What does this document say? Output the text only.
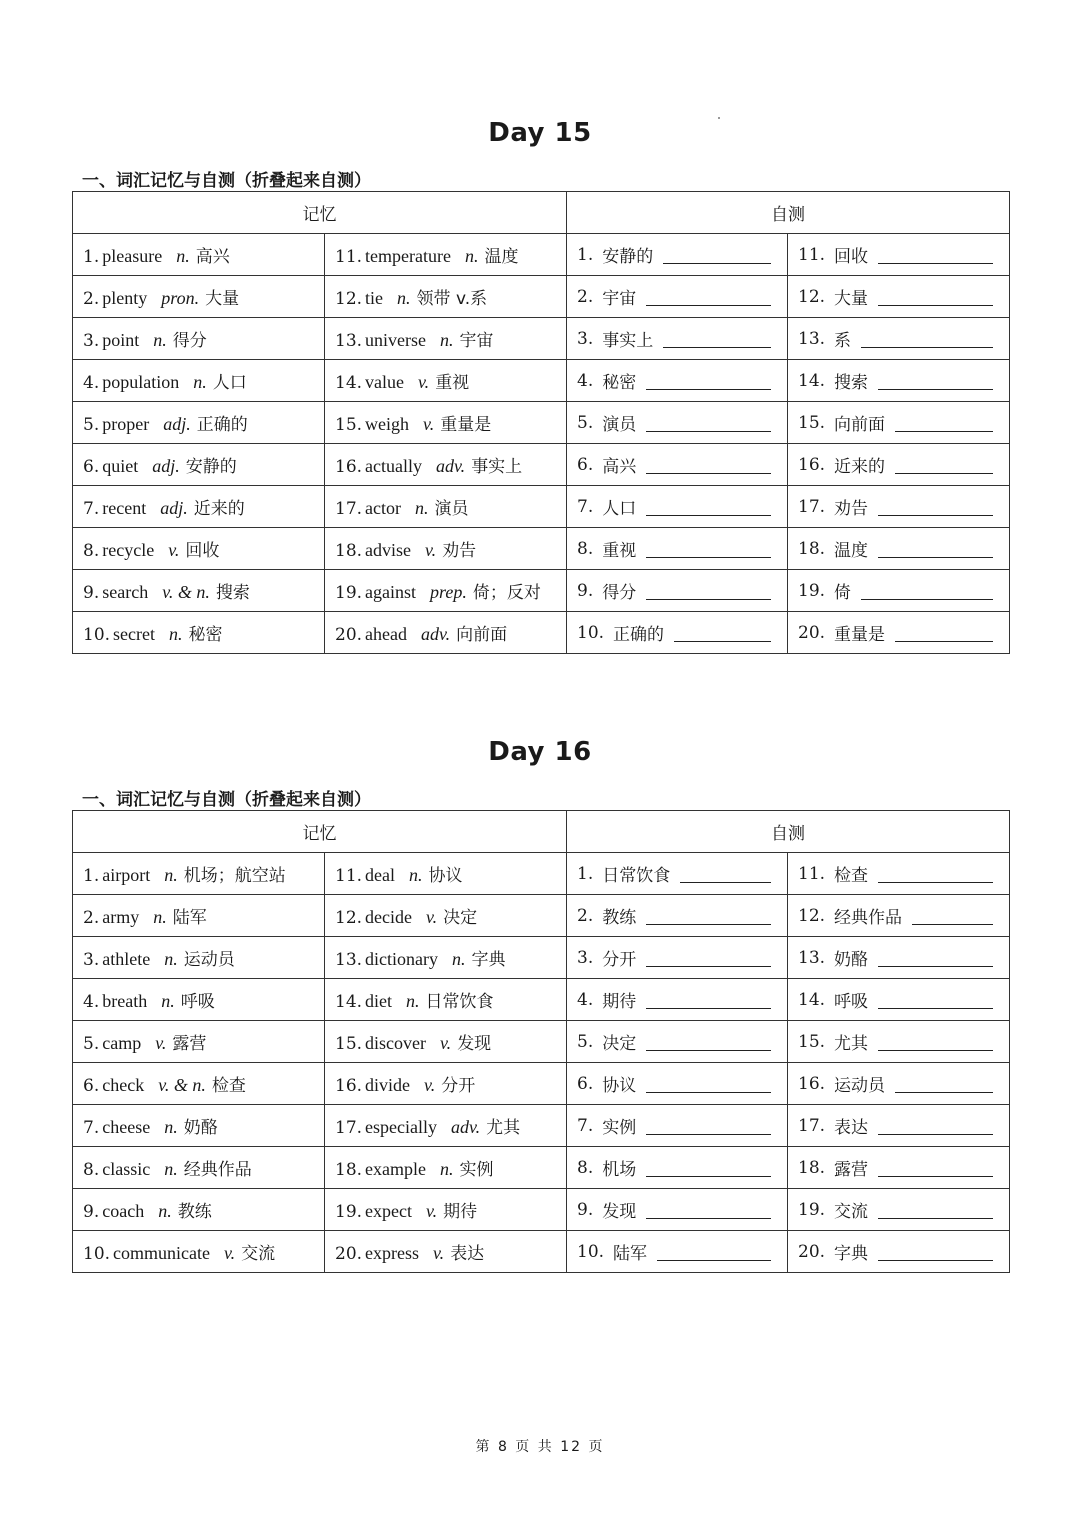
Day 15
一、词汇记忆与自测（折叠起来自测）
记忆		自测	
1. pleasure n. 高兴	11. temperature n. 温度	1. 安静的	11. 回收

2. plenty pron. 大量	12. tie n. 领带 v.系	2. 宇宙	12. 大量

3. point n. 得分	13. universe n. 宇宙	3. 事实上	13. 系

4. population n. 人口	14. value v. 重视	4. 秘密	14. 搜索

5. proper adj. 正确的	15. weigh v. 重量是	5. 演员	15. 向前面

6. quiet adj. 安静的	16. actually adv. 事实上	6. 高兴	16. 近来的

7. recent adj. 近来的	17. actor n. 演员	7. 人口	17. 劝告

8. recycle v. 回收	18. advise v. 劝告	8. 重视	18. 温度

9. search v. & n. 搜索	19. against prep. 倚；反对	9. 得分	19. 倚

10. secret n. 秘密	20. ahead adv. 向前面	10. 正确的	20. 重量是
Day 16
一、词汇记忆与自测（折叠起来自测）
记忆		自测	
1. airport n. 机场；航空站	11. deal n. 协议	1. 日常饮食	11. 检查

2. army n. 陆军	12. decide v. 决定	2. 教练	12. 经典作品

3. athlete n. 运动员	13. dictionary n. 字典	3. 分开	13. 奶酪

4. breath n. 呼吸	14. diet n. 日常饮食	4. 期待	14. 呼吸

5. camp v. 露营	15. discover v. 发现	5. 决定	15. 尤其

6. check v. & n. 检查	16. divide v. 分开	6. 协议	16. 运动员

7. cheese n. 奶酪	17. especially adv. 尤其	7. 实例	17. 表达

8. classic n. 经典作品	18. example n. 实例	8. 机场	18. 露营

9. coach n. 教练	19. expect v. 期待	9. 发现	19. 交流

10. communicate v. 交流	20. express v. 表达	10. 陆军	20. 字典
第 8 页 共 12 页
